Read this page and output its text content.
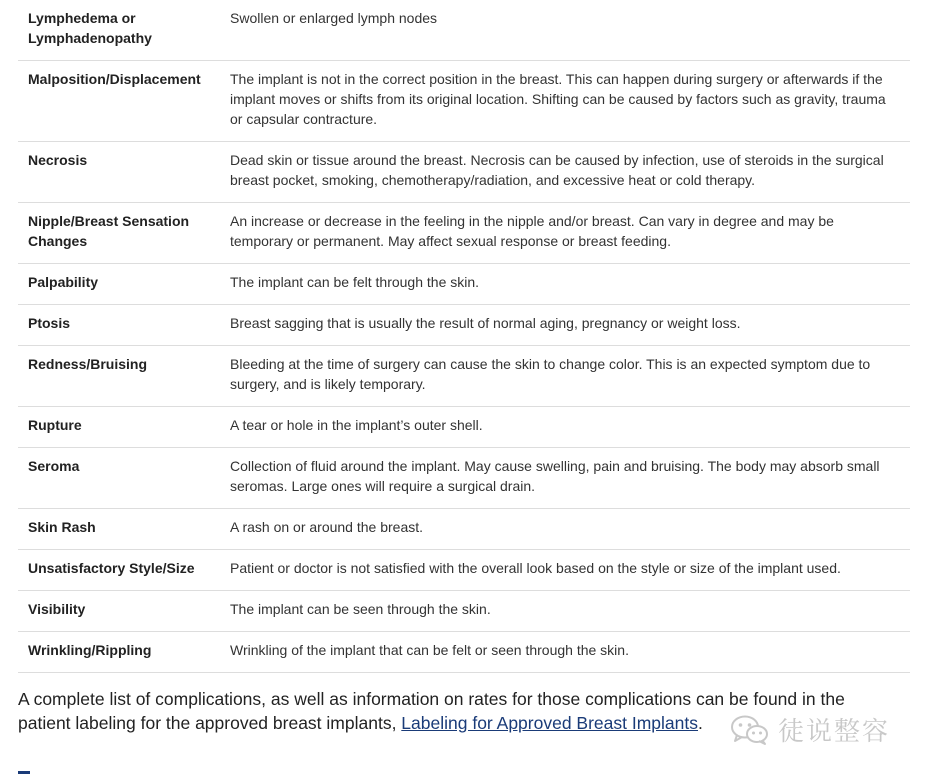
Lymphedema or Lymphadenopathy	Swollen or enlarged lymph nodes
Malposition/Displacement	The implant is not in the correct position in the breast. This can happen during surgery or afterwards if the implant moves or shifts from its original location. Shifting can be caused by factors such as gravity, trauma or capsular contracture.
Necrosis	Dead skin or tissue around the breast. Necrosis can be caused by infection, use of steroids in the surgical breast pocket, smoking, chemotherapy/radiation, and excessive heat or cold therapy.
Nipple/Breast Sensation Changes	An increase or decrease in the feeling in the nipple and/or breast. Can vary in degree and may be temporary or permanent. May affect sexual response or breast feeding.
Palpability	The implant can be felt through the skin.
Ptosis	Breast sagging that is usually the result of normal aging, pregnancy or weight loss.
Redness/Bruising	Bleeding at the time of surgery can cause the skin to change color. This is an expected symptom due to surgery, and is likely temporary.
Rupture	A tear or hole in the implant’s outer shell.
Seroma	Collection of fluid around the implant. May cause swelling, pain and bruising. The body may absorb small seromas. Large ones will require a surgical drain.
Skin Rash	A rash on or around the breast.
Unsatisfactory Style/Size	Patient or doctor is not satisfied with the overall look based on the style or size of the implant used.
Visibility	The implant can be seen through the skin.
Wrinkling/Rippling	Wrinkling of the implant that can be felt or seen through the skin.

A complete list of complications, as well as information on rates for those complications can be found in the patient labeling for the approved breast implants, Labeling for Approved Breast Implants.	徒说整容
